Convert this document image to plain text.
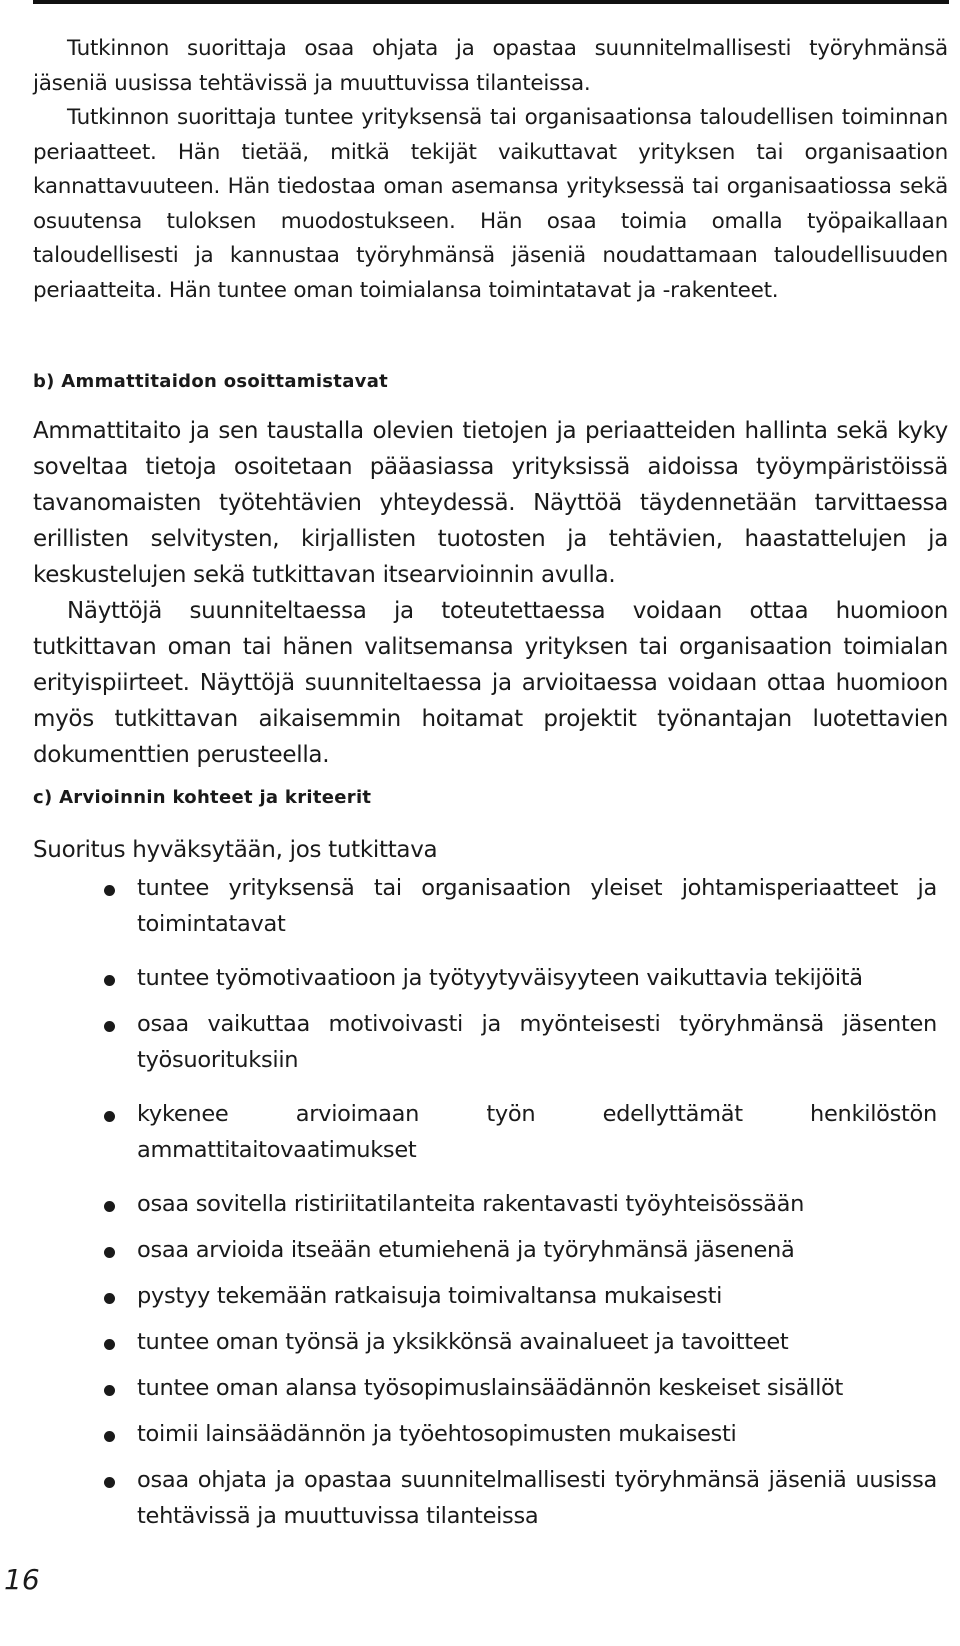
Tutkinnon suorittaja osaa ohjata ja opastaa suunnitelmallisesti työryhmänsä jäseniä uusissa tehtävissä ja muuttuvissa tilanteissa.

Tutkinnon suorittaja tuntee yrityksensä tai organisaationsa taloudellisen toiminnan periaatteet. Hän tietää, mitkä tekijät vaikuttavat yrityksen tai organisaation kannattavuuteen. Hän tiedostaa oman asemansa yrityksessä tai organisaatiossa sekä osuutensa tuloksen muodostukseen. Hän osaa toimia omalla työpaikallaan taloudellisesti ja kannustaa työryhmänsä jäseniä noudattamaan taloudellisuuden periaatteita. Hän tuntee oman toimialansa toimintatavat ja -rakenteet.

b) Ammattitaidon osoittamistavat

Ammattitaito ja sen taustalla olevien tietojen ja periaatteiden hallinta sekä kyky soveltaa tietoja osoitetaan pääasiassa yrityksissä aidoissa työympäristöissä tavanomaisten työtehtävien yhteydessä. Näyttöä täydennetään tarvittaessa erillisten selvitysten, kirjallisten tuotosten ja tehtävien, haastattelujen ja keskustelujen sekä tutkittavan itsearvioinnin avulla.

Näyttöjä suunniteltaessa ja toteutettaessa voidaan ottaa huomioon tutkittavan oman tai hänen valitsemansa yrityksen tai organisaation toimialan erityispiirteet. Näyttöjä suunniteltaessa ja arvioitaessa voidaan ottaa huomioon myös tutkittavan aikaisemmin hoitamat projektit työnantajan luotettavien dokumenttien perusteella.

c) Arvioinnin kohteet ja kriteerit
Suoritus hyväksytään, jos tutkittava
tuntee yrityksensä tai organisaation yleiset johtamisperiaatteet ja toimintatavat
tuntee työmotivaatioon ja työtyytyväisyyteen vaikuttavia tekijöitä
osaa vaikuttaa motivoivasti ja myönteisesti työryhmänsä jäsenten työsuorituksiin
kykenee arvioimaan työn edellyttämät henkilöstön ammattitaitovaatimukset
osaa sovitella ristiriitatilanteita rakentavasti työyhteisössään
osaa arvioida itseään etumiehenä ja työryhmänsä jäsenenä
pystyy tekemään ratkaisuja toimivaltansa mukaisesti
tuntee oman työnsä ja yksikkönsä avainalueet ja tavoitteet
tuntee oman alansa työsopimuslainsäädännön keskeiset sisällöt
toimii lainsäädännön ja työehtosopimusten mukaisesti
osaa ohjata ja opastaa suunnitelmallisesti työryhmänsä jäseniä uusissa tehtävissä ja muuttuvissa tilanteissa
16
